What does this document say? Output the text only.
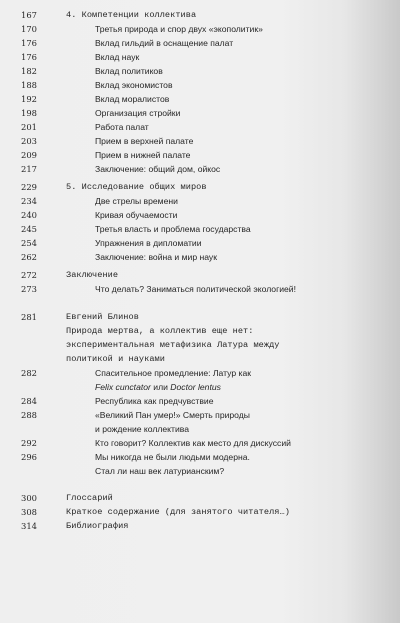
167	4. Компетенции коллектива
170	Третья природа и спор двух «экополитик»
176	Вклад гильдий в оснащение палат
176	Вклад наук
182	Вклад политиков
188	Вклад экономистов
192	Вклад моралистов
198	Организация стройки
201	Работа палат
203	Прием в верхней палате
209	Прием в нижней палате
217	Заключение: общий дом, ойкос
229	5. Исследование общих миров
234	Две стрелы времени
240	Кривая обучаемости
245	Третья власть и проблема государства
254	Упражнения в дипломатии
262	Заключение: война и мир наук
272	Заключение
273	Что делать? Заниматься политической экологией!
281	Евгений Блинов
Природа мертва, а коллектив еще нет:
экспериментальная метафизика Латура между
политикой и науками
282	Спасительное промедление: Латур как
Felix cunctator или Doctor lentus
284	Республика как предчувствие
288	«Великий Пан умер!» Смерть природы
и рождение коллектива
292	Кто говорит? Коллектив как место для дискуссий
296	Мы никогда не были людьми модерна.
Стал ли наш век латурианским?
300	Глоссарий
308	Краткое содержание (для занятого читателя…)
314	Библиография
